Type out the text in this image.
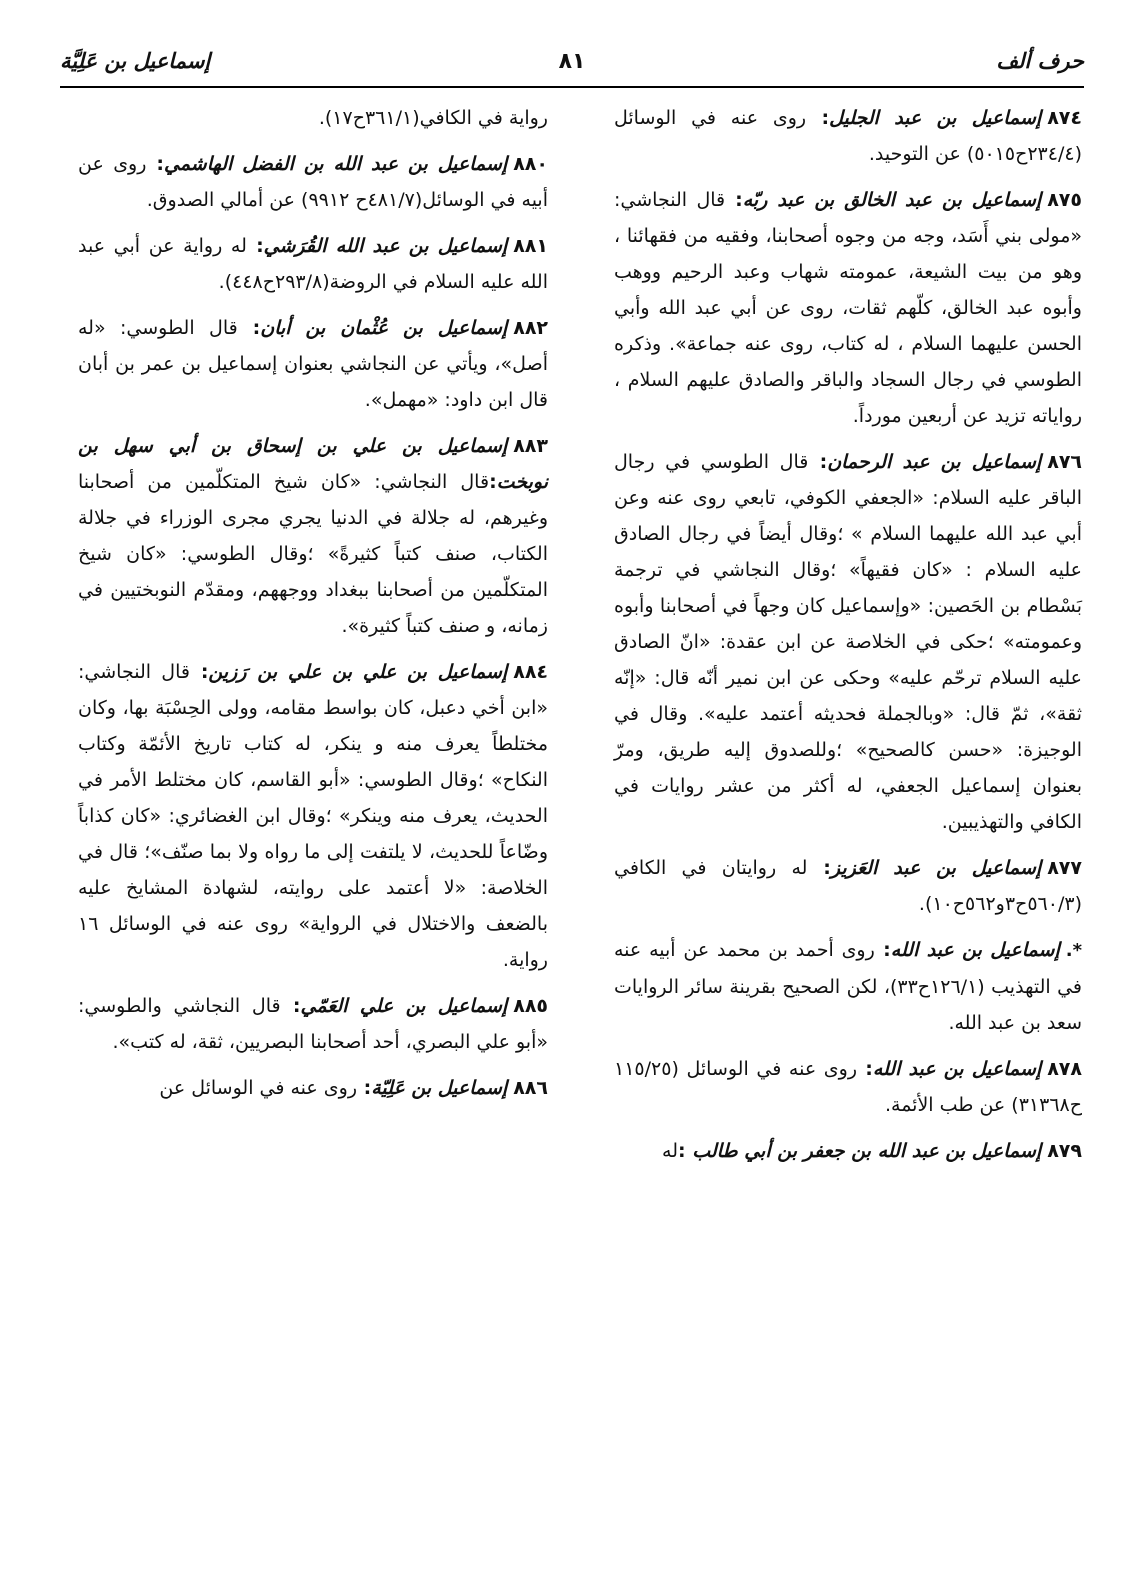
حرف ألف
٨١
إسماعيل بن عَلِيَّة

٨٧٤إسماعيل بن عبد الجليل: روى عنه في الوسائل (٢٣٤/٤ح٥٠١٥) عن التوحيد.

٨٧٥إسماعيل بن عبد الخالق بن عبد ربّه: قال النجاشي: «مولى بني أَسَد، وجه من وجوه أصحابنا، وفقيه من فقهائنا ، وهو من بيت الشيعة، عمومته شهاب وعبد الرحيم ووهب وأبوه عبد الخالق، كلّهم ثقات، روى عن أبي عبد الله وأبي الحسن عليهما السلام ، له كتاب، روى عنه جماعة». وذكره الطوسي في رجال السجاد والباقر والصادق عليهم السلام ، رواياته تزيد عن أربعين مورداً.

٨٧٦إسماعيل بن عبد الرحمان: قال الطوسي في رجال الباقر عليه السلام: «الجعفي الكوفي، تابعي روى عنه وعن أبي عبد الله عليهما السلام » ؛وقال أيضاً في رجال الصادق عليه السلام : «كان فقيهاً» ؛وقال النجاشي في ترجمة بَسْطام بن الحَصين: «وإسماعيل كان وجهاً في أصحابنا وأبوه وعمومته» ؛حكى في الخلاصة عن ابن عقدة: «انّ الصادق عليه السلام ترحّم عليه» وحكى عن ابن نمير أنّه قال: «إنّه ثقة»، ثمّ قال: «وبالجملة فحديثه أعتمد عليه». وقال في الوجيزة: «حسن كالصحيح» ؛وللصدوق إليه طريق، ومرّ بعنوان إسماعيل الجعفي، له أكثر من عشر روايات في الكافي والتهذيبين.

٨٧٧إسماعيل بن عبد العَزيز: له روايتان في الكافي (٥٦٠/٣ح٣و٥٦٢ح١٠).

*.إسماعيل بن عبد الله: روى أحمد بن محمد عن أبيه عنه في التهذيب (١٢٦/١ح٣٣)، لكن الصحيح بقرينة سائر الروايات سعد بن عبد الله.

٨٧٨إسماعيل بن عبد الله: روى عنه في الوسائل (١١٥/٢٥ ح٣١٣٦٨) عن طب الأئمة.

٨٧٩إسماعيل بن عبد الله بن جعفر بن أبي طالب :له

رواية في الكافي(٣٦١/١ح١٧).

٨٨٠إسماعيل بن عبد الله بن الفضل الهاشمي: روى عن أبيه في الوسائل(٤٨١/٧ح ٩٩١٢) عن أمالي الصدوق.

٨٨١إسماعيل بن عبد الله القُرَشي: له رواية عن أبي عبد الله عليه السلام في الروضة(٢٩٣/٨ح٤٤٨).

٨٨٢إسماعيل بن عُثْمان بن أبان: قال الطوسي: «له أصل»، ويأتي عن النجاشي بعنوان إسماعيل بن عمر بن أبان قال ابن داود: «مهمل».

٨٨٣إسماعيل بن علي بن إسحاق بن أبي سهل بن نوبخت:قال النجاشي: «كان شيخ المتكلّمين من أصحابنا وغيرهم، له جلالة في الدنيا يجري مجرى الوزراء في جلالة الكتاب، صنف كتباً كثيرةً» ؛وقال الطوسي: «كان شيخ المتكلّمين من أصحابنا ببغداد ووجههم، ومقدّم النوبختيين في زمانه، و صنف كتباً كثيرة».

٨٨٤إسماعيل بن علي بن علي بن رَزين: قال النجاشي: «ابن أخي دعبل، كان بواسط مقامه، وولى الحِسْبَة بها، وكان مختلطاً يعرف منه و ينكر، له كتاب تاريخ الأئمّة وكتاب النكاح» ؛وقال الطوسي: «أبو القاسم، كان مختلط الأمر في الحديث، يعرف منه وينكر» ؛وقال ابن الغضائري: «كان كذاباً وضّاعاً للحديث، لا يلتفت إلى ما رواه ولا بما صنّف»؛ قال في الخلاصة: «لا أعتمد على روايته، لشهادة المشايخ عليه بالضعف والاختلال في الرواية» روى عنه في الوسائل ١٦ رواية.

٨٨٥إسماعيل بن علي العَمّي: قال النجاشي والطوسي: «أبو علي البصري، أحد أصحابنا البصريين، ثقة، له كتب».

٨٨٦إسماعيل بن عَلِيّة: روى عنه في الوسائل عن
